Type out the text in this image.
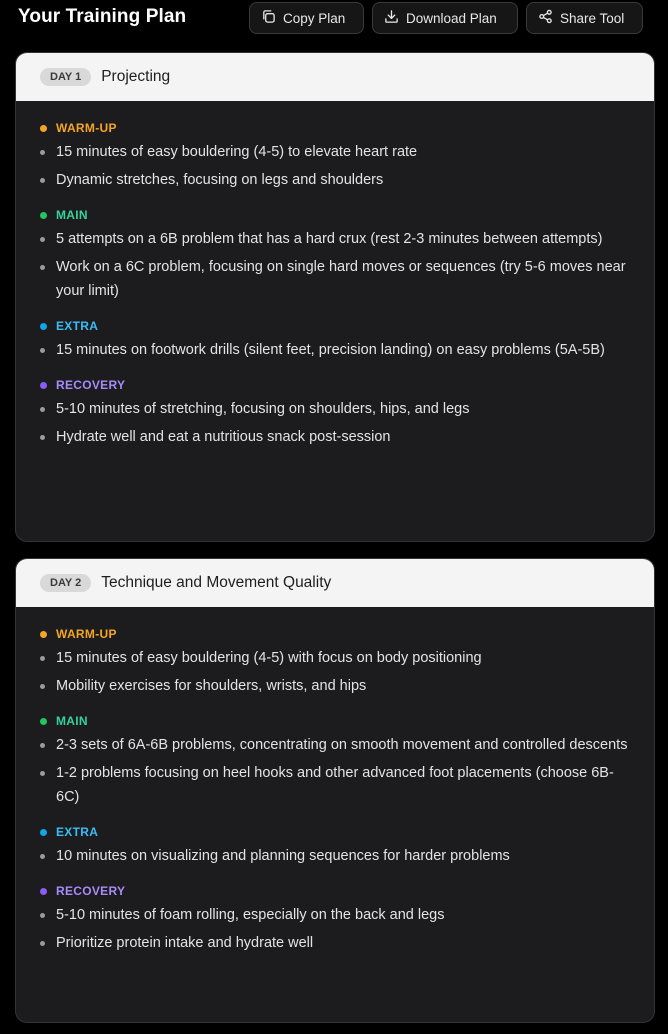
Your Training Plan	Copy Plan	Download Plan	Share Tool
DAY 1	Projecting
WARM-UP
15 minutes of easy bouldering (4-5) to elevate heart rate
Dynamic stretches, focusing on legs and shoulders
MAIN
5 attempts on a 6B problem that has a hard crux (rest 2-3 minutes between attempts)
Work on a 6C problem, focusing on single hard moves or sequences (try 5-6 moves near your limit)
EXTRA
15 minutes on footwork drills (silent feet, precision landing) on easy problems (5A-5B)
RECOVERY
5-10 minutes of stretching, focusing on shoulders, hips, and legs
Hydrate well and eat a nutritious snack post-session
DAY 2	Technique and Movement Quality
WARM-UP
15 minutes of easy bouldering (4-5) with focus on body positioning
Mobility exercises for shoulders, wrists, and hips
MAIN
2-3 sets of 6A-6B problems, concentrating on smooth movement and controlled descents
1-2 problems focusing on heel hooks and other advanced foot placements (choose 6B-6C)
EXTRA
10 minutes on visualizing and planning sequences for harder problems
RECOVERY
5-10 minutes of foam rolling, especially on the back and legs
Prioritize protein intake and hydrate well
